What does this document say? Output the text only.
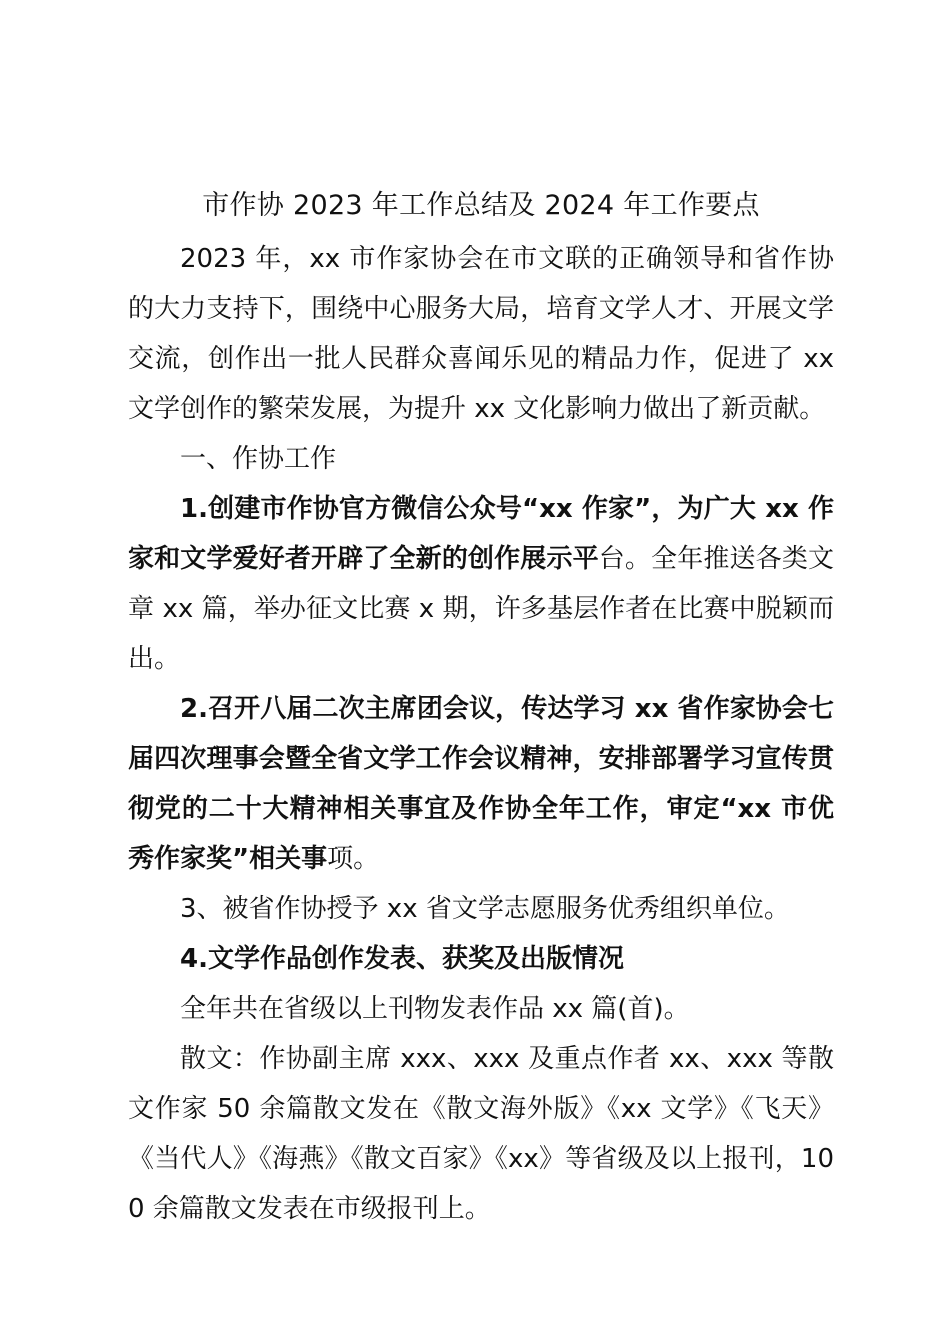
市作协 2023 年工作总结及 2024 年工作要点

2023 年，xx 市作家协会在市文联的正确领导和省作协的大力支持下，围绕中心服务大局，培育文学人才、开展文学交流，创作出一批人民群众喜闻乐见的精品力作，促进了 xx 文学创作的繁荣发展，为提升 xx 文化影响力做出了新贡献。

一、作协工作

1.创建市作协官方微信公众号“xx 作家”，为广大 xx 作家和文学爱好者开辟了全新的创作展示平台。全年推送各类文章 xx 篇，举办征文比赛 x 期，许多基层作者在比赛中脱颖而出。

2.召开八届二次主席团会议，传达学习 xx 省作家协会七届四次理事会暨全省文学工作会议精神，安排部署学习宣传贯彻党的二十大精神相关事宜及作协全年工作，审定“xx 市优秀作家奖”相关事项。

3、被省作协授予 xx 省文学志愿服务优秀组织单位。

4.文学作品创作发表、获奖及出版情况

全年共在省级以上刊物发表作品 xx 篇(首)。

散文：作协副主席 xxx、xxx 及重点作者 xx、xxx 等散文作家 50 余篇散文发在《散文海外版》《xx 文学》《飞天》《当代人》《海燕》《散文百家》《xx》等省级及以上报刊，100 余篇散文发表在市级报刊上。
